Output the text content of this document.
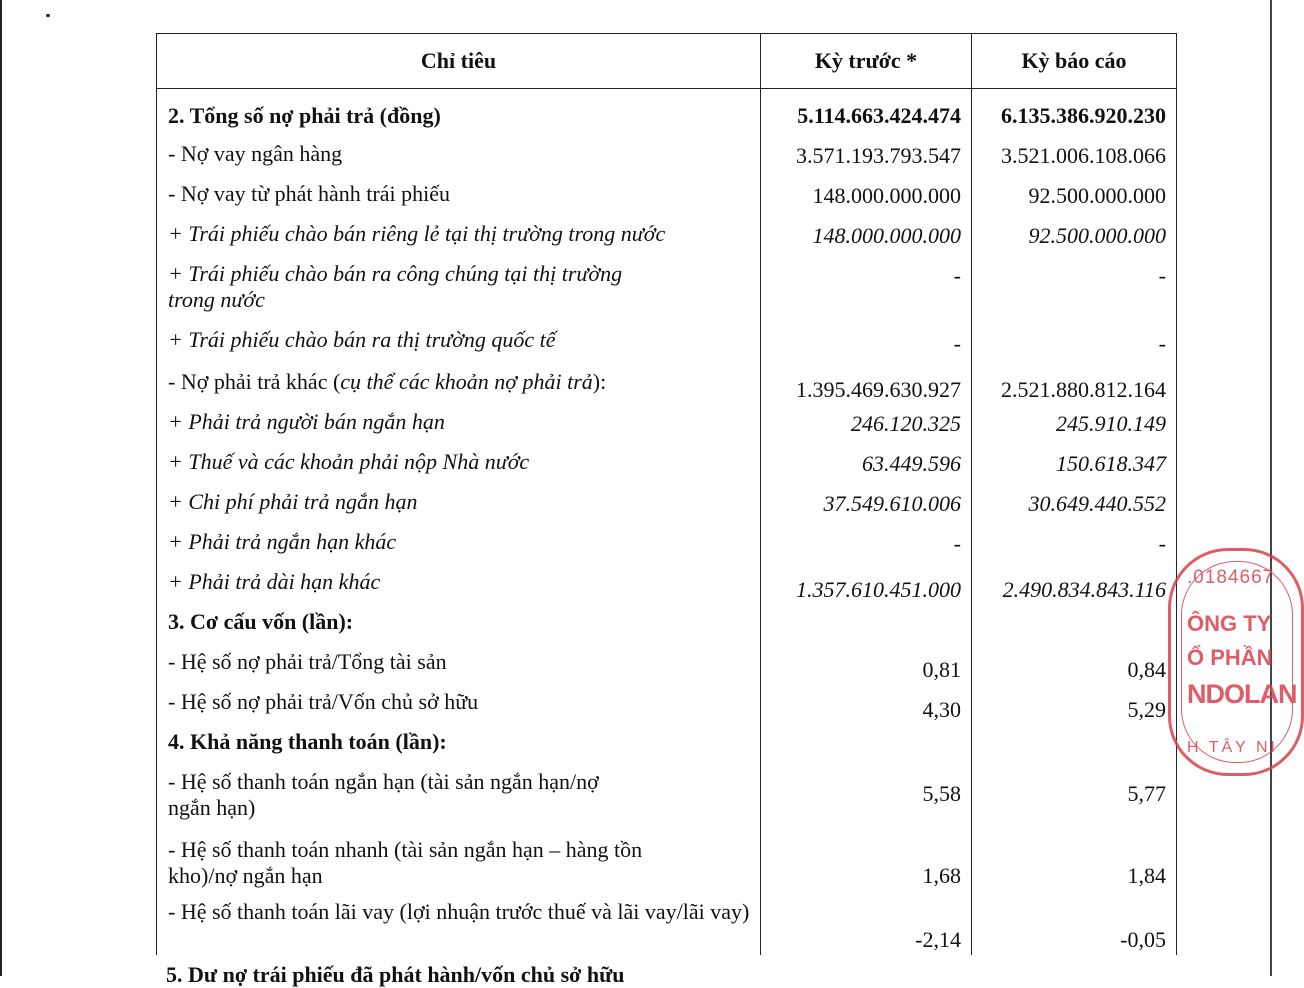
Chỉ tiêu	Kỳ trước *	Kỳ báo cáo
2. Tổng số nợ phải trả (đồng)	5.114.663.424.474	6.135.386.920.230
- Nợ vay ngân hàng	3.571.193.793.547	3.521.006.108.066
- Nợ vay từ phát hành trái phiếu	148.000.000.000	92.500.000.000
+ Trái phiếu chào bán riêng lẻ tại thị trường trong nước	148.000.000.000	92.500.000.000
+ Trái phiếu chào bán ra công chúng tại thị trường trong nước	-	-
+ Trái phiếu chào bán ra thị trường quốc tế	-	-
- Nợ phải trả khác (cụ thể các khoản nợ phải trả):	1.395.469.630.927	2.521.880.812.164
+ Phải trả người bán ngắn hạn	246.120.325	245.910.149
+ Thuế và các khoản phải nộp Nhà nước	63.449.596	150.618.347
+ Chi phí phải trả ngắn hạn	37.549.610.006	30.649.440.552
+ Phải trả ngắn hạn khác	-	-
+ Phải trả dài hạn khác	1.357.610.451.000	2.490.834.843.116
3. Cơ cấu vốn (lần):		
- Hệ số nợ phải trả/Tổng tài sản	0,81	0,84
- Hệ số nợ phải trả/Vốn chủ sở hữu	4,30	5,29
4. Khả năng thanh toán (lần):		
- Hệ số thanh toán ngắn hạn (tài sản ngắn hạn/nợ ngắn hạn)	5,58	5,77
- Hệ số thanh toán nhanh (tài sản ngắn hạn – hàng tồn kho)/nợ ngắn hạn	1,68	1,84
- Hệ số thanh toán lãi vay (lợi nhuận trước thuế và lãi vay/lãi vay)	-2,14	-0,05
5. Dư nợ trái phiếu đã phát hành/vốn chủ sở hữu
.0184667
ÔNG TY
Ổ PHẦN
NDOLAN
H TÂY NI
